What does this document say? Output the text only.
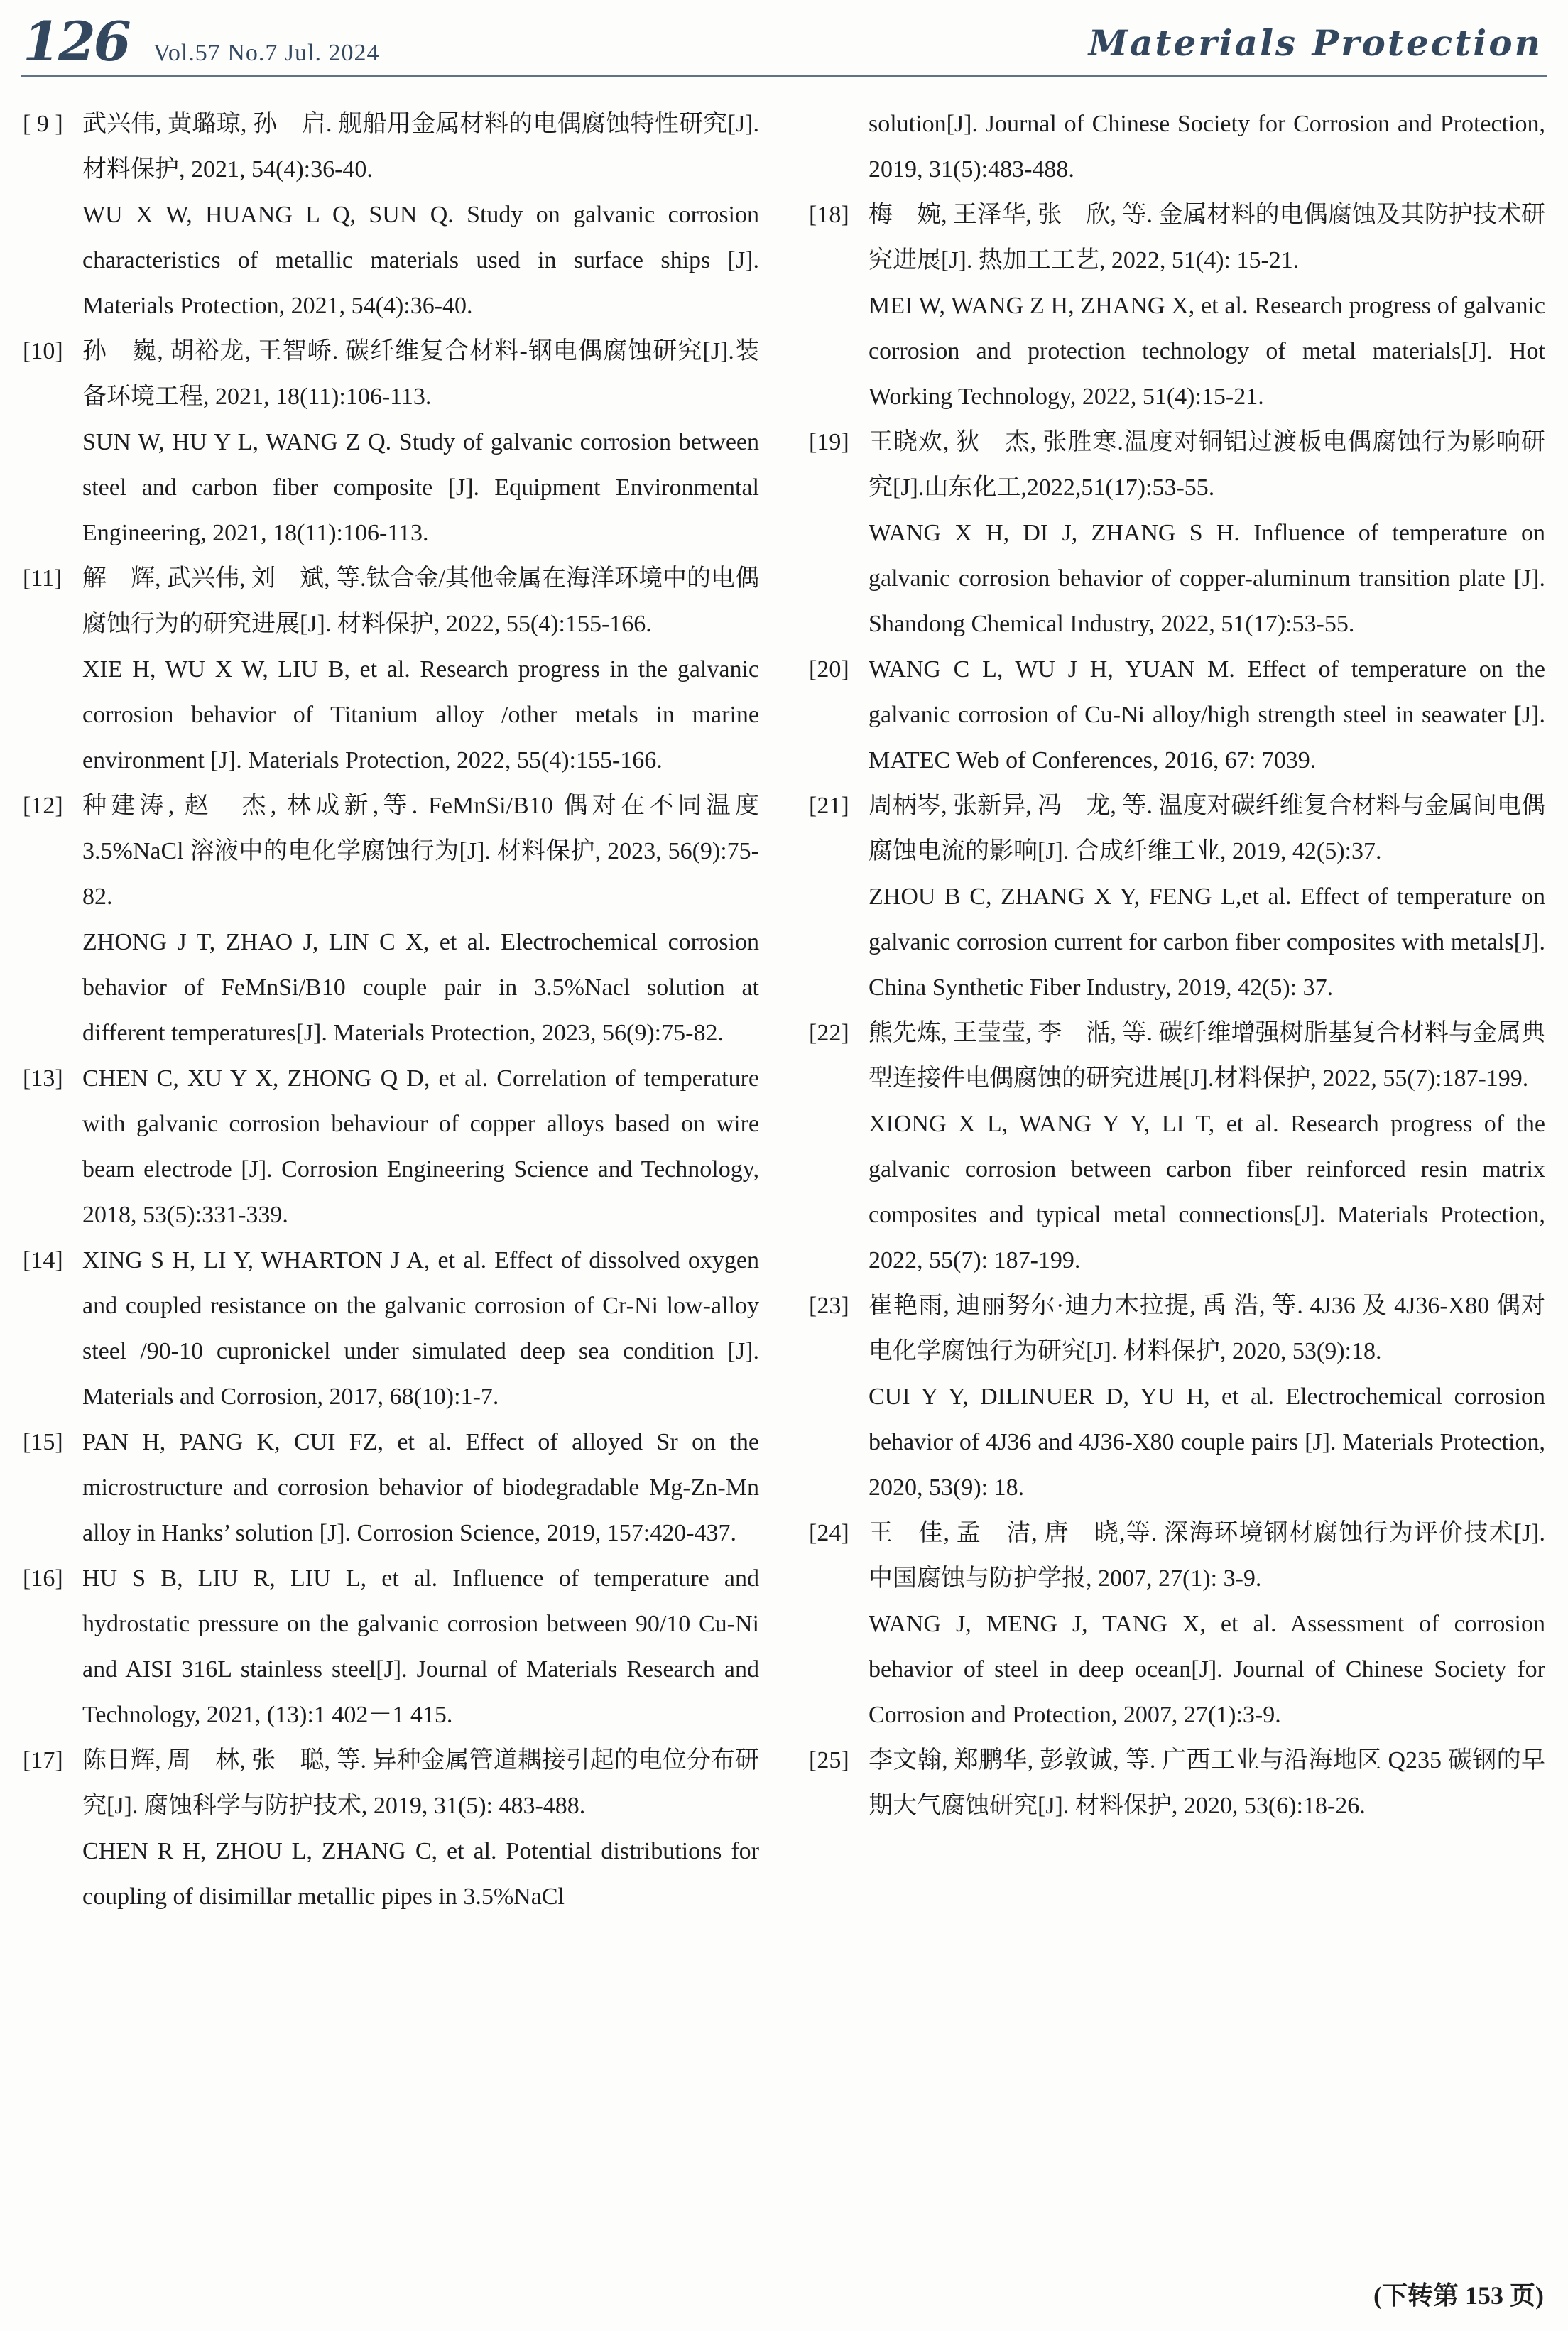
126 Vol.57 No.7 Jul. 2024	Materials Protection
[ 9 ] 武兴伟, 黄璐琼, 孙　启. 舰船用金属材料的电偶腐蚀特性研究[J]. 材料保护, 2021, 54(4):36-40.

WU X W, HUANG L Q, SUN Q. Study on galvanic corrosion characteristics of metallic materials used in surface ships [J]. Materials Protection, 2021, 54(4):36-40.

[10] 孙　巍, 胡裕龙, 王智峤. 碳纤维复合材料-钢电偶腐蚀研究[J].装备环境工程, 2021, 18(11):106-113.

SUN W, HU Y L, WANG Z Q. Study of galvanic corrosion between steel and carbon fiber composite [J]. Equipment Environmental Engineering, 2021, 18(11):106-113.

[11] 解　辉, 武兴伟, 刘　斌, 等.钛合金/其他金属在海洋环境中的电偶腐蚀行为的研究进展[J]. 材料保护, 2022, 55(4):155-166.

XIE H, WU X W, LIU B, et al. Research progress in the galvanic corrosion behavior of Titanium alloy /other metals in marine environment [J]. Materials Protection, 2022, 55(4):155-166.

[12] 种建涛, 赵　杰, 林成新,等. FeMnSi/B10 偶对在不同温度 3.5%NaCl 溶液中的电化学腐蚀行为[J]. 材料保护, 2023, 56(9):75-82.

ZHONG J T, ZHAO J, LIN C X, et al. Electrochemical corrosion behavior of FeMnSi/B10 couple pair in 3.5%Nacl solution at different temperatures[J]. Materials Protection, 2023, 56(9):75-82.

[13] CHEN C, XU Y X, ZHONG Q D, et al. Correlation of temperature with galvanic corrosion behaviour of copper alloys based on wire beam electrode [J]. Corrosion Engineering Science and Technology, 2018, 53(5):331-339.

[14] XING S H, LI Y, WHARTON J A, et al. Effect of dissolved oxygen and coupled resistance on the galvanic corrosion of Cr-Ni low-alloy steel /90-10 cupronickel under simulated deep sea condition [J]. Materials and Corrosion, 2017, 68(10):1-7.

[15] PAN H, PANG K, CUI FZ, et al. Effect of alloyed Sr on the microstructure and corrosion behavior of biodegradable Mg-Zn-Mn alloy in Hanks’ solution [J]. Corrosion Science, 2019, 157:420-437.

[16] HU S B, LIU R, LIU L, et al. Influence of temperature and hydrostatic pressure on the galvanic corrosion between 90/10 Cu-Ni and AISI 316L stainless steel[J]. Journal of Materials Research and Technology, 2021, (13):1 402－1 415.

[17] 陈日辉, 周　林, 张　聪, 等. 异种金属管道耦接引起的电位分布研究[J]. 腐蚀科学与防护技术, 2019, 31(5): 483-488.

CHEN R H, ZHOU L, ZHANG C, et al. Potential distributions for coupling of disimillar metallic pipes in 3.5%NaCl

solution[J]. Journal of Chinese Society for Corrosion and Protection, 2019, 31(5):483-488.

[18] 梅　婉, 王泽华, 张　欣, 等. 金属材料的电偶腐蚀及其防护技术研究进展[J]. 热加工工艺, 2022, 51(4): 15-21.

MEI W, WANG Z H, ZHANG X, et al. Research progress of galvanic corrosion and protection technology of metal materials[J]. Hot Working Technology, 2022, 51(4):15-21.

[19] 王晓欢, 狄　杰, 张胜寒.温度对铜铝过渡板电偶腐蚀行为影响研究[J].山东化工,2022,51(17):53-55.

WANG X H, DI J, ZHANG S H. Influence of temperature on galvanic corrosion behavior of copper-aluminum transition plate [J]. Shandong Chemical Industry, 2022, 51(17):53-55.

[20] WANG C L, WU J H, YUAN M. Effect of temperature on the galvanic corrosion of Cu-Ni alloy/high strength steel in seawater [J]. MATEC Web of Conferences, 2016, 67: 7039.

[21] 周柄岑, 张新异, 冯　龙, 等. 温度对碳纤维复合材料与金属间电偶腐蚀电流的影响[J]. 合成纤维工业, 2019, 42(5):37.

ZHOU B C, ZHANG X Y, FENG L,et al. Effect of temperature on galvanic corrosion current for carbon fiber composites with metals[J]. China Synthetic Fiber Industry, 2019, 42(5): 37.

[22] 熊先炼, 王莹莹, 李　湉, 等. 碳纤维增强树脂基复合材料与金属典型连接件电偶腐蚀的研究进展[J].材料保护, 2022, 55(7):187-199.

XIONG X L, WANG Y Y, LI T, et al. Research progress of the galvanic corrosion between carbon fiber reinforced resin matrix composites and typical metal connections[J]. Materials Protection, 2022, 55(7): 187-199.

[23] 崔艳雨, 迪丽努尔·迪力木拉提, 禹 浩, 等. 4J36 及 4J36-X80 偶对电化学腐蚀行为研究[J]. 材料保护, 2020, 53(9):18.

CUI Y Y, DILINUER D, YU H, et al. Electrochemical corrosion behavior of 4J36 and 4J36-X80 couple pairs [J]. Materials Protection, 2020, 53(9): 18.

[24] 王　佳, 孟　洁, 唐　晓,等. 深海环境钢材腐蚀行为评价技术[J]. 中国腐蚀与防护学报, 2007, 27(1): 3-9.

WANG J, MENG J, TANG X, et al. Assessment of corrosion behavior of steel in deep ocean[J]. Journal of Chinese Society for Corrosion and Protection, 2007, 27(1):3-9.

[25] 李文翰, 郑鹏华, 彭敦诚, 等. 广西工业与沿海地区 Q235 碳钢的早期大气腐蚀研究[J]. 材料保护, 2020, 53(6):18-26.

(下转第 153 页)
